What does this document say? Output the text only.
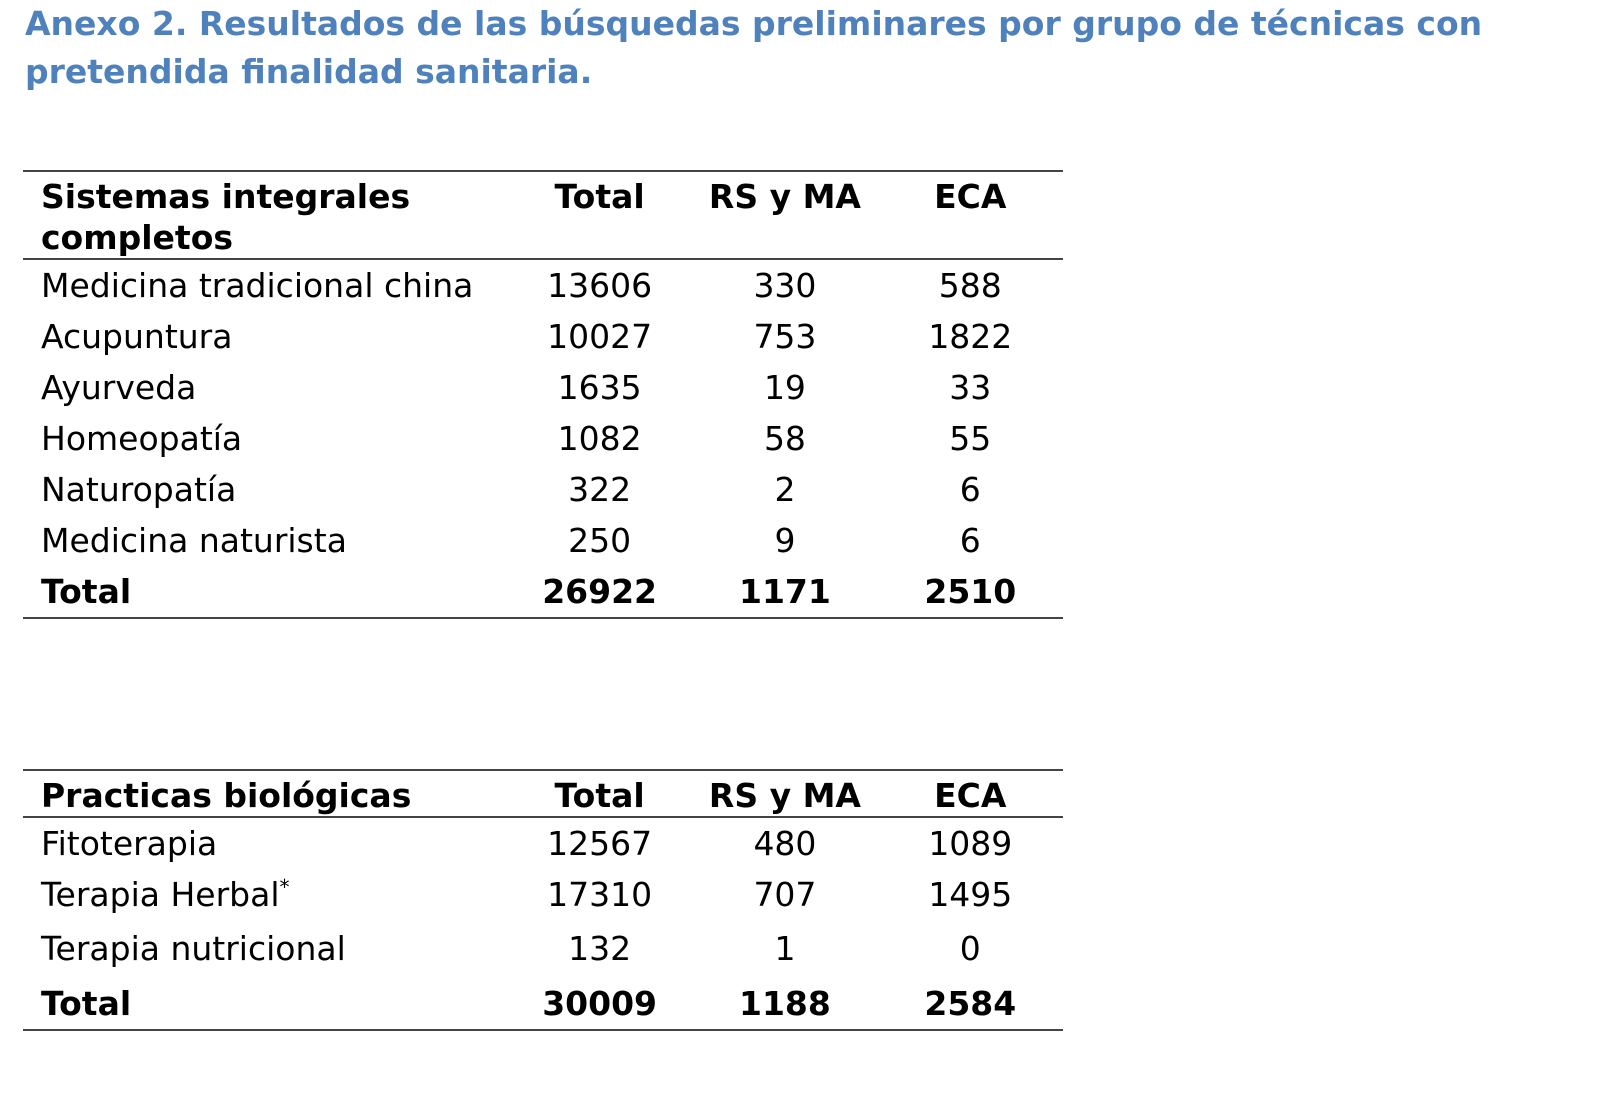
Anexo 2. Resultados de las búsquedas preliminares por grupo de técnicas con pretendida finalidad sanitaria.
Sistemas integrales completos	Total	RS y MA	ECA
Medicina tradicional china	13606	330	588
Acupuntura	10027	753	1822
Ayurveda	1635	19	33
Homeopatía	1082	58	55
Naturopatía	322	2	6
Medicina naturista	250	9	6
Total	26922	1171	2510
Practicas biológicas	Total	RS y MA	ECA
Fitoterapia	12567	480	1089
Terapia Herbal*	17310	707	1495
Terapia nutricional	132	1	0
Total	30009	1188	2584
